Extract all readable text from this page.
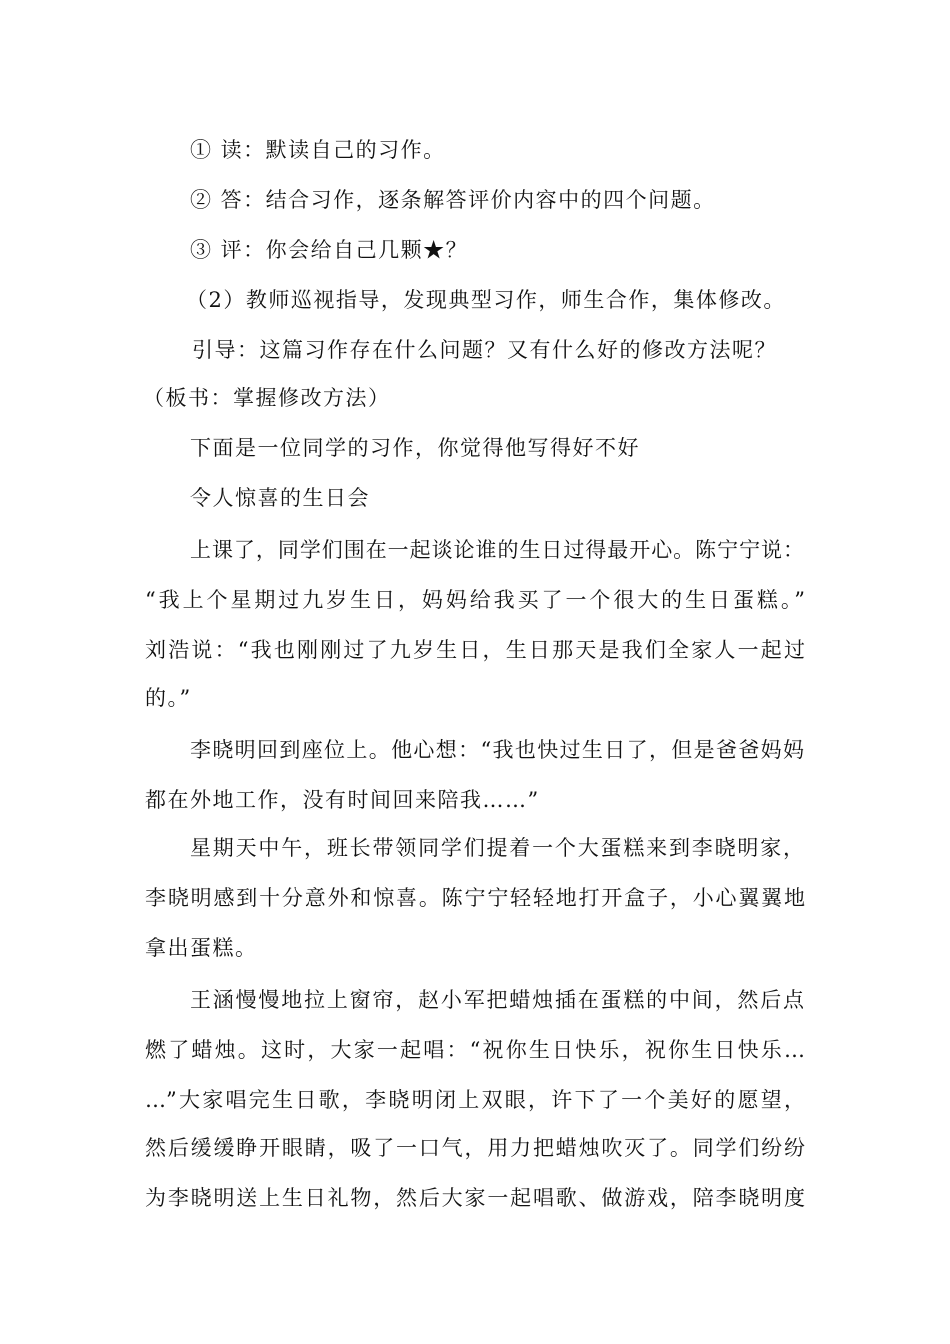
① 读：默读自己的习作。
② 答：结合习作，逐条解答评价内容中的四个问题。
③ 评：你会给自己几颗★？
（2）教师巡视指导，发现典型习作，师生合作，集体修改。
引导：这篇习作存在什么问题？又有什么好的修改方法呢？
（板书：掌握修改方法）
下面是一位同学的习作，你觉得他写得好不好
令人惊喜的生日会
上课了，同学们围在一起谈论谁的生日过得最开心。陈宁宁说：
“我上个星期过九岁生日，妈妈给我买了一个很大的生日蛋糕。”
刘浩说：“我也刚刚过了九岁生日，生日那天是我们全家人一起过
的。”
李晓明回到座位上。他心想：“我也快过生日了，但是爸爸妈妈
都在外地工作，没有时间回来陪我……”
星期天中午，班长带领同学们提着一个大蛋糕来到李晓明家，
李晓明感到十分意外和惊喜。陈宁宁轻轻地打开盒子，小心翼翼地
拿出蛋糕。
王涵慢慢地拉上窗帘，赵小军把蜡烛插在蛋糕的中间，然后点
燃了蜡烛。这时，大家一起唱：“祝你生日快乐，祝你生日快乐…
…”大家唱完生日歌，李晓明闭上双眼，许下了一个美好的愿望，
然后缓缓睁开眼睛，吸了一口气，用力把蜡烛吹灭了。同学们纷纷
为李晓明送上生日礼物，然后大家一起唱歌、做游戏，陪李晓明度
